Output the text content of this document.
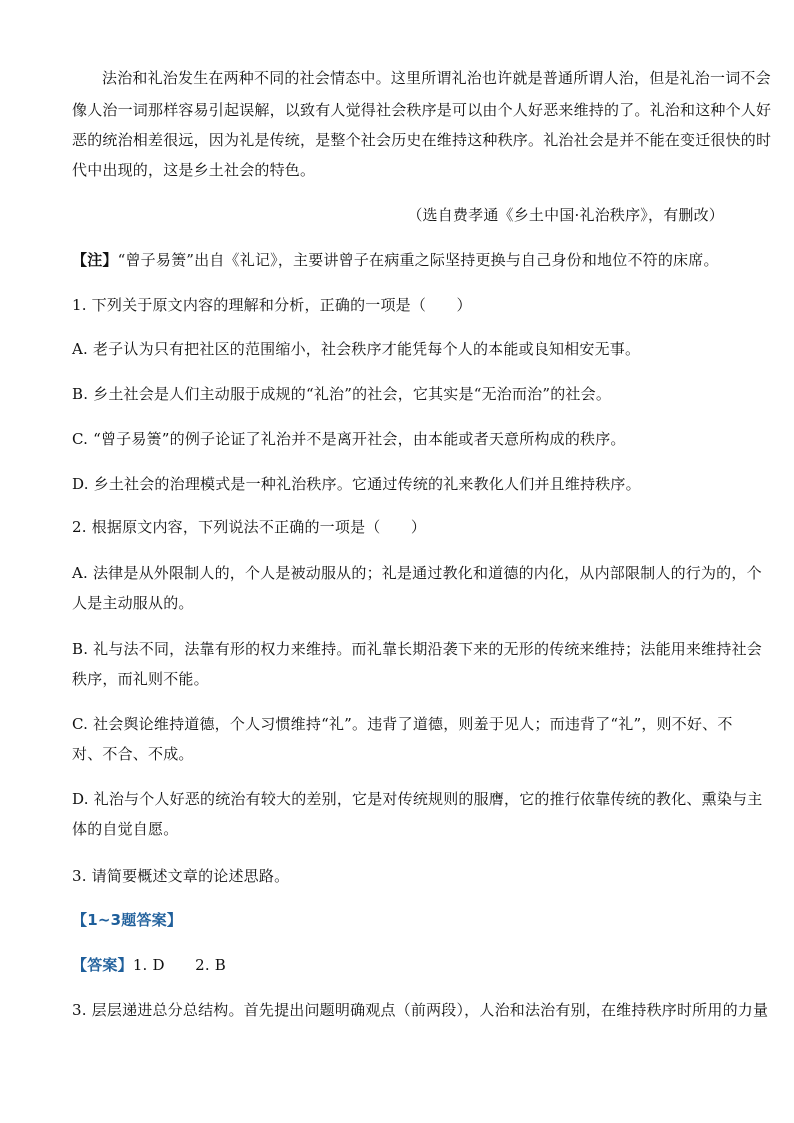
法治和礼治发生在两种不同的社会情态中。这里所谓礼治也许就是普通所谓人治，但是礼治一词不会
像人治一词那样容易引起误解，以致有人觉得社会秩序是可以由个人好恶来维持的了。礼治和这种个人好
恶的统治相差很远，因为礼是传统，是整个社会历史在维持这种秩序。礼治社会是并不能在变迁很快的时
代中出现的，这是乡土社会的特色。
（选自费孝通《乡土中国·礼治秩序》，有删改）
【注】“曾子易箦”出自《礼记》，主要讲曾子在病重之际坚持更换与自己身份和地位不符的床席。
1. 下列关于原文内容的理解和分析，正确的一项是（　　）
A. 老子认为只有把社区的范围缩小，社会秩序才能凭每个人的本能或良知相安无事。
B. 乡土社会是人们主动服于成规的“礼治”的社会，它其实是“无治而治”的社会。
C. “曾子易箦”的例子论证了礼治并不是离开社会，由本能或者天意所构成的秩序。
D. 乡土社会的治理模式是一种礼治秩序。它通过传统的礼来教化人们并且维持秩序。
2. 根据原文内容，下列说法不正确的一项是（　　）
A. 法律是从外限制人的，个人是被动服从的；礼是通过教化和道德的内化，从内部限制人的行为的，个
人是主动服从的。
B. 礼与法不同，法靠有形的权力来维持。而礼靠长期沿袭下来的无形的传统来维持；法能用来维持社会
秩序，而礼则不能。
C. 社会舆论维持道德，个人习惯维持“礼”。违背了道德，则羞于见人；而违背了“礼”，则不好、不
对、不合、不成。
D. 礼治与个人好恶的统治有较大的差别，它是对传统规则的服膺，它的推行依靠传统的教化、熏染与主
体的自觉自愿。
3. 请简要概述文章的论述思路。
【1~3题答案】
【答案】1. D　　2. B
3. 层层递进总分总结构。首先提出问题明确观点（前两段），人治和法治有别，在维持秩序时所用的力量
